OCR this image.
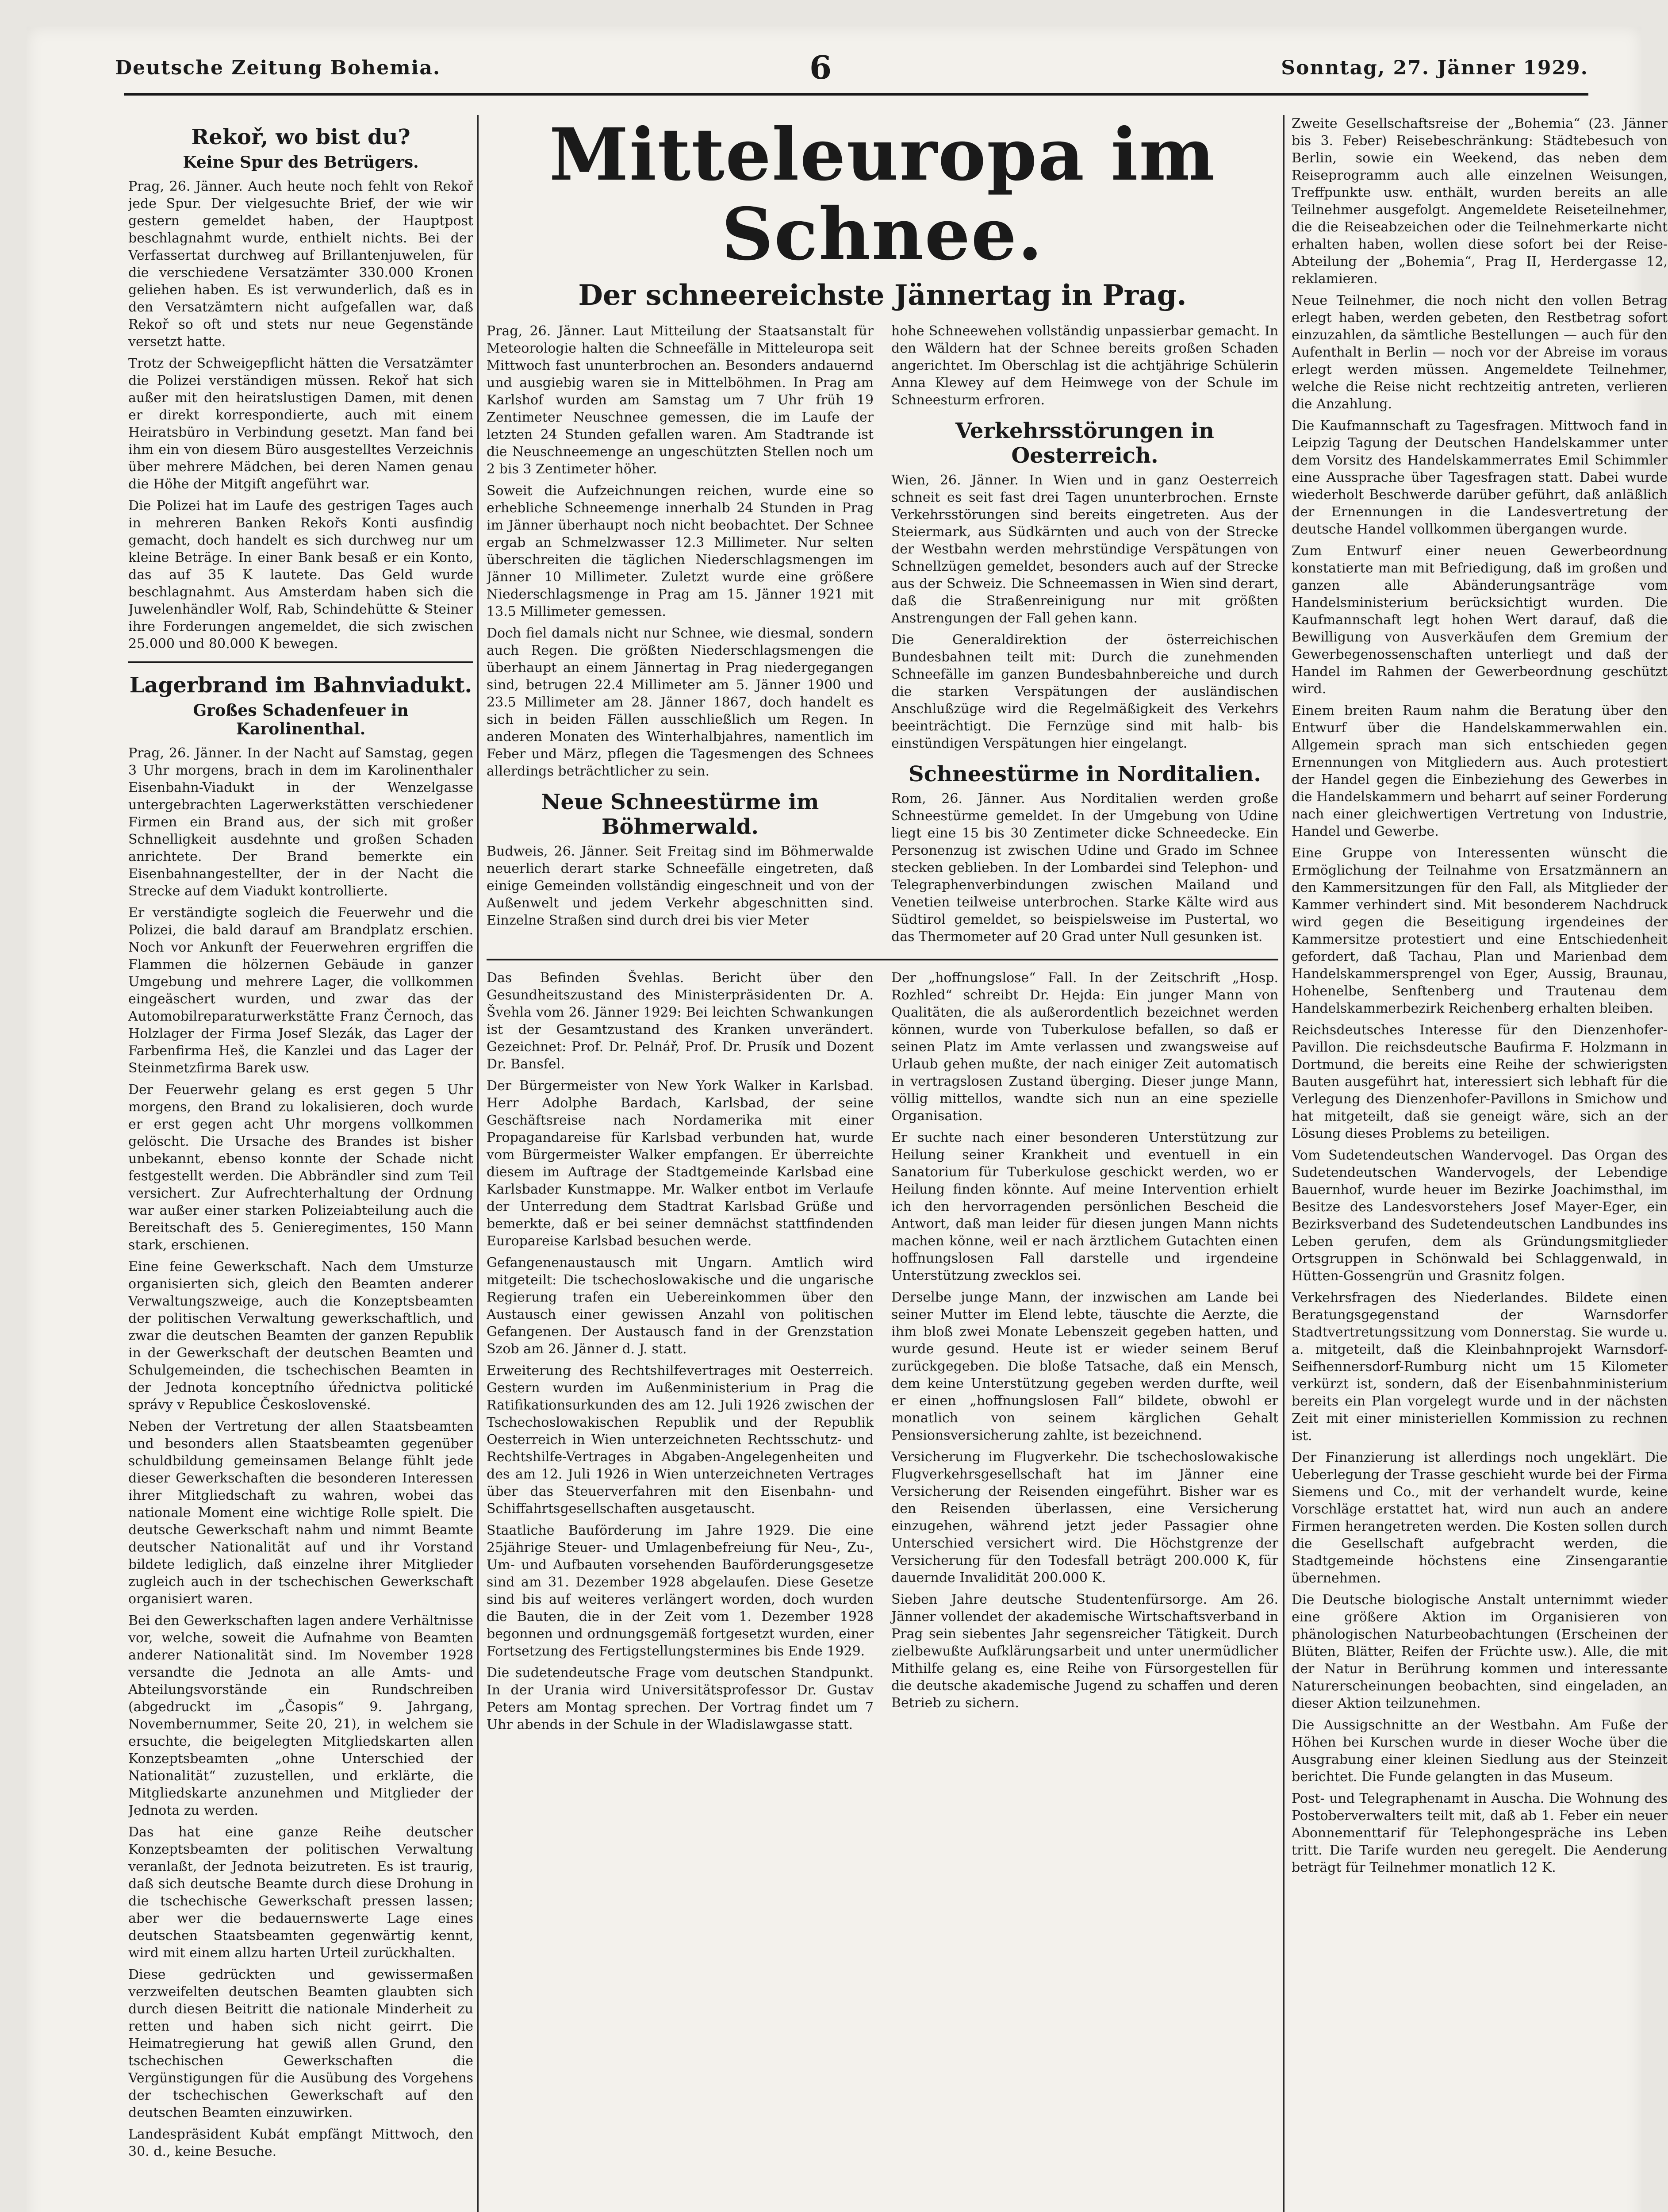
Deutsche Zeitung Bohemia.	6	Sonntag, 27. Jänner 1929.
Rekoř, wo bist du?
Keine Spur des Betrügers.

Prag, 26. Jänner. Auch heute noch fehlt von Rekoř jede Spur. Der vielgesuchte Brief, der wie wir gestern gemeldet haben, der Hauptpost beschlagnahmt wurde, enthielt nichts. Bei der Verfassertat durchweg auf Brillantenjuwelen, für die verschiedene Versatzämter 330.000 Kronen geliehen haben. Es ist verwunderlich, daß es in den Versatzämtern nicht aufgefallen war, daß Rekoř so oft und stets nur neue Gegenstände versetzt hatte.

Trotz der Schweigepflicht hätten die Versatzämter die Polizei verständigen müssen. Rekoř hat sich außer mit den heiratslustigen Damen, mit denen er direkt korrespondierte, auch mit einem Heiratsbüro in Verbindung gesetzt. Man fand bei ihm ein von diesem Büro ausgestelltes Verzeichnis über mehrere Mädchen, bei deren Namen genau die Höhe der Mitgift angeführt war.

Die Polizei hat im Laufe des gestrigen Tages auch in mehreren Banken Rekořs Konti ausfindig gemacht, doch handelt es sich durchweg nur um kleine Beträge. In einer Bank besaß er ein Konto, das auf 35 K lautete. Das Geld wurde beschlagnahmt. Aus Amsterdam haben sich die Juwelenhändler Wolf, Rab, Schindehütte & Steiner ihre Forderungen angemeldet, die sich zwischen 25.000 und 80.000 K bewegen.

Lagerbrand im Bahnviadukt.
Großes Schadenfeuer in Karolinenthal.

Prag, 26. Jänner. In der Nacht auf Samstag, gegen 3 Uhr morgens, brach in dem im Karolinenthaler Eisenbahn-Viadukt in der Wenzelgasse untergebrachten Lagerwerkstätten verschiedener Firmen ein Brand aus, der sich mit großer Schnelligkeit ausdehnte und großen Schaden anrichtete. Der Brand bemerkte ein Eisenbahnangestellter, der in der Nacht die Strecke auf dem Viadukt kontrollierte.

Er verständigte sogleich die Feuerwehr und die Polizei, die bald darauf am Brandplatz erschien. Noch vor Ankunft der Feuerwehren ergriffen die Flammen die hölzernen Gebäude in ganzer Umgebung und mehrere Lager, die vollkommen eingeäschert wurden, und zwar das der Automobilreparaturwerkstätte Franz Černoch, das Holzlager der Firma Josef Slezák, das Lager der Farbenfirma Heš, die Kanzlei und das Lager der Steinmetzfirma Barek usw.

Der Feuerwehr gelang es erst gegen 5 Uhr morgens, den Brand zu lokalisieren, doch wurde er erst gegen acht Uhr morgens vollkommen gelöscht. Die Ursache des Brandes ist bisher unbekannt, ebenso konnte der Schade nicht festgestellt werden. Die Abbrändler sind zum Teil versichert. Zur Aufrechterhaltung der Ordnung war außer einer starken Polizeiabteilung auch die Bereitschaft des 5. Genieregimentes, 150 Mann stark, erschienen.

Eine feine Gewerkschaft. Nach dem Umsturze organisierten sich, gleich den Beamten anderer Verwaltungszweige, auch die Konzeptsbeamten der politischen Verwaltung gewerkschaftlich, und zwar die deutschen Beamten der ganzen Republik in der Gewerkschaft der deutschen Beamten und Schulgemeinden, die tschechischen Beamten in der Jednota konceptního úřednictva politické správy v Republice Československé.

Neben der Vertretung der allen Staatsbeamten und besonders allen Staatsbeamten gegenüber schuldbildung gemeinsamen Belange fühlt jede dieser Gewerkschaften die besonderen Interessen ihrer Mitgliedschaft zu wahren, wobei das nationale Moment eine wichtige Rolle spielt. Die deutsche Gewerkschaft nahm und nimmt Beamte deutscher Nationalität auf und ihr Vorstand bildete lediglich, daß einzelne ihrer Mitglieder zugleich auch in der tschechischen Gewerkschaft organisiert waren.

Bei den Gewerkschaften lagen andere Verhältnisse vor, welche, soweit die Aufnahme von Beamten anderer Nationalität sind. Im November 1928 versandte die Jednota an alle Amts- und Abteilungsvorstände ein Rundschreiben (abgedruckt im „Časopis“ 9. Jahrgang, Novembernummer, Seite 20, 21), in welchem sie ersuchte, die beigelegten Mitgliedskarten allen Konzeptsbeamten „ohne Unterschied der Nationalität“ zuzustellen, und erklärte, die Mitgliedskarte anzunehmen und Mitglieder der Jednota zu werden.

Das hat eine ganze Reihe deutscher Konzeptsbeamten der politischen Verwaltung veranlaßt, der Jednota beizutreten. Es ist traurig, daß sich deutsche Beamte durch diese Drohung in die tschechische Gewerkschaft pressen lassen; aber wer die bedauernswerte Lage eines deutschen Staatsbeamten gegenwärtig kennt, wird mit einem allzu harten Urteil zurückhalten.

Diese gedrückten und gewissermaßen verzweifelten deutschen Beamten glaubten sich durch diesen Beitritt die nationale Minderheit zu retten und haben sich nicht geirrt. Die Heimatregierung hat gewiß allen Grund, den tschechischen Gewerkschaften die Vergünstigungen für die Ausübung des Vorgehens der tschechischen Gewerkschaft auf den deutschen Beamten einzuwirken.

Landespräsident Kubát empfängt Mittwoch, den 30. d., keine Besuche.

Mitteleuropa im Schnee.
Der schneereichste Jännertag in Prag.

Prag, 26. Jänner. Laut Mitteilung der Staatsanstalt für Meteorologie halten die Schneefälle in Mitteleuropa seit Mittwoch fast ununterbrochen an. Besonders andauernd und ausgiebig waren sie in Mittelböhmen. In Prag am Karlshof wurden am Samstag um 7 Uhr früh 19 Zentimeter Neuschnee gemessen, die im Laufe der letzten 24 Stunden gefallen waren. Am Stadtrande ist die Neuschneemenge an ungeschützten Stellen noch um 2 bis 3 Zentimeter höher.

Soweit die Aufzeichnungen reichen, wurde eine so erhebliche Schneemenge innerhalb 24 Stunden in Prag im Jänner überhaupt noch nicht beobachtet. Der Schnee ergab an Schmelzwasser 12.3 Millimeter. Nur selten überschreiten die täglichen Niederschlagsmengen im Jänner 10 Millimeter. Zuletzt wurde eine größere Niederschlagsmenge in Prag am 15. Jänner 1921 mit 13.5 Millimeter gemessen.

Doch fiel damals nicht nur Schnee, wie diesmal, sondern auch Regen. Die größten Niederschlagsmengen die überhaupt an einem Jännertag in Prag niedergegangen sind, betrugen 22.4 Millimeter am 5. Jänner 1900 und 23.5 Millimeter am 28. Jänner 1867, doch handelt es sich in beiden Fällen ausschließlich um Regen. In anderen Monaten des Winterhalbjahres, namentlich im Feber und März, pflegen die Tagesmengen des Schnees allerdings beträchtlicher zu sein.

Neue Schneestürme im Böhmerwald.

Budweis, 26. Jänner. Seit Freitag sind im Böhmerwalde neuerlich derart starke Schneefälle eingetreten, daß einige Gemeinden vollständig eingeschneit und von der Außenwelt und jedem Verkehr abgeschnitten sind. Einzelne Straßen sind durch drei bis vier Meter

hohe Schneewehen vollständig unpassierbar gemacht. In den Wäldern hat der Schnee bereits großen Schaden angerichtet. Im Oberschlag ist die achtjährige Schülerin Anna Klewey auf dem Heimwege von der Schule im Schneesturm erfroren.

Verkehrsstörungen in Oesterreich.

Wien, 26. Jänner. In Wien und in ganz Oesterreich schneit es seit fast drei Tagen ununterbrochen. Ernste Verkehrsstörungen sind bereits eingetreten. Aus der Steiermark, aus Südkärnten und auch von der Strecke der Westbahn werden mehrstündige Verspätungen von Schnellzügen gemeldet, besonders auch auf der Strecke aus der Schweiz. Die Schneemassen in Wien sind derart, daß die Straßenreinigung nur mit größten Anstrengungen der Fall gehen kann.

Die Generaldirektion der österreichischen Bundesbahnen teilt mit: Durch die zunehmenden Schneefälle im ganzen Bundesbahnbereiche und durch die starken Verspätungen der ausländischen Anschlußzüge wird die Regelmäßigkeit des Verkehrs beeinträchtigt. Die Fernzüge sind mit halb- bis einstündigen Verspätungen hier eingelangt.

Schneestürme in Norditalien.

Rom, 26. Jänner. Aus Norditalien werden große Schneestürme gemeldet. In der Umgebung von Udine liegt eine 15 bis 30 Zentimeter dicke Schneedecke. Ein Personenzug ist zwischen Udine und Grado im Schnee stecken geblieben. In der Lombardei sind Telephon- und Telegraphenverbindungen zwischen Mailand und Venetien teilweise unterbrochen. Starke Kälte wird aus Südtirol gemeldet, so beispielsweise im Pustertal, wo das Thermometer auf 20 Grad unter Null gesunken ist.

Das Befinden Švehlas. Bericht über den Gesundheitszustand des Ministerpräsidenten Dr. A. Švehla vom 26. Jänner 1929: Bei leichten Schwankungen ist der Gesamtzustand des Kranken unverändert. Gezeichnet: Prof. Dr. Pelnář, Prof. Dr. Prusík und Dozent Dr. Bansfel.

Der Bürgermeister von New York Walker in Karlsbad. Herr Adolphe Bardach, Karlsbad, der seine Geschäftsreise nach Nordamerika mit einer Propagandareise für Karlsbad verbunden hat, wurde vom Bürgermeister Walker empfangen. Er überreichte diesem im Auftrage der Stadtgemeinde Karlsbad eine Karlsbader Kunstmappe. Mr. Walker entbot im Verlaufe der Unterredung dem Stadtrat Karlsbad Grüße und bemerkte, daß er bei seiner demnächst stattfindenden Europareise Karlsbad besuchen werde.

Gefangenenaustausch mit Ungarn. Amtlich wird mitgeteilt: Die tschechoslowakische und die ungarische Regierung trafen ein Uebereinkommen über den Austausch einer gewissen Anzahl von politischen Gefangenen. Der Austausch fand in der Grenzstation Szob am 26. Jänner d. J. statt.

Erweiterung des Rechtshilfevertrages mit Oesterreich. Gestern wurden im Außenministerium in Prag die Ratifikationsurkunden des am 12. Juli 1926 zwischen der Tschechoslowakischen Republik und der Republik Oesterreich in Wien unterzeichneten Rechtsschutz- und Rechtshilfe-Vertrages in Abgaben-Angelegenheiten und des am 12. Juli 1926 in Wien unterzeichneten Vertrages über das Steuerverfahren mit den Eisenbahn- und Schiffahrtsgesellschaften ausgetauscht.

Staatliche Bauförderung im Jahre 1929. Die eine 25jährige Steuer- und Umlagenbefreiung für Neu-, Zu-, Um- und Aufbauten vorsehenden Bauförderungsgesetze sind am 31. Dezember 1928 abgelaufen. Diese Gesetze sind bis auf weiteres verlängert worden, doch wurden die Bauten, die in der Zeit vom 1. Dezember 1928 begonnen und ordnungsgemäß fortgesetzt wurden, einer Fortsetzung des Fertigstellungstermines bis Ende 1929.

Die sudetendeutsche Frage vom deutschen Standpunkt. In der Urania wird Universitätsprofessor Dr. Gustav Peters am Montag sprechen. Der Vortrag findet um 7 Uhr abends in der Schule in der Wladislawgasse statt.

Der „hoffnungslose“ Fall. In der Zeitschrift „Hosp. Rozhled“ schreibt Dr. Hejda: Ein junger Mann von Qualitäten, die als außerordentlich bezeichnet werden können, wurde von Tuberkulose befallen, so daß er seinen Platz im Amte verlassen und zwangsweise auf Urlaub gehen mußte, der nach einiger Zeit automatisch in vertragslosen Zustand überging. Dieser junge Mann, völlig mittellos, wandte sich nun an eine spezielle Organisation.

Er suchte nach einer besonderen Unterstützung zur Heilung seiner Krankheit und eventuell in ein Sanatorium für Tuberkulose geschickt werden, wo er Heilung finden könnte. Auf meine Intervention erhielt ich den hervorragenden persönlichen Bescheid die Antwort, daß man leider für diesen jungen Mann nichts machen könne, weil er nach ärztlichem Gutachten einen hoffnungslosen Fall darstelle und irgendeine Unterstützung zwecklos sei.

Derselbe junge Mann, der inzwischen am Lande bei seiner Mutter im Elend lebte, täuschte die Aerzte, die ihm bloß zwei Monate Lebenszeit gegeben hatten, und wurde gesund. Heute ist er wieder seinem Beruf zurückgegeben. Die bloße Tatsache, daß ein Mensch, dem keine Unterstützung gegeben werden durfte, weil er einen „hoffnungslosen Fall“ bildete, obwohl er monatlich von seinem kärglichen Gehalt Pensionsversicherung zahlte, ist bezeichnend.

Versicherung im Flugverkehr. Die tschechoslowakische Flugverkehrsgesellschaft hat im Jänner eine Versicherung der Reisenden eingeführt. Bisher war es den Reisenden überlassen, eine Versicherung einzugehen, während jetzt jeder Passagier ohne Unterschied versichert wird. Die Höchstgrenze der Versicherung für den Todesfall beträgt 200.000 K, für dauernde Invalidität 200.000 K.

Sieben Jahre deutsche Studentenfürsorge. Am 26. Jänner vollendet der akademische Wirtschaftsverband in Prag sein siebentes Jahr segensreicher Tätigkeit. Durch zielbewußte Aufklärungsarbeit und unter unermüdlicher Mithilfe gelang es, eine Reihe von Fürsorgestellen für die deutsche akademische Jugend zu schaffen und deren Betrieb zu sichern.

Zweite Gesellschaftsreise der „Bohemia“ (23. Jänner bis 3. Feber) Reisebeschränkung: Städtebesuch von Berlin, sowie ein Weekend, das neben dem Reiseprogramm auch alle einzelnen Weisungen, Treffpunkte usw. enthält, wurden bereits an alle Teilnehmer ausgefolgt. Angemeldete Reiseteilnehmer, die die Reiseabzeichen oder die Teilnehmerkarte nicht erhalten haben, wollen diese sofort bei der Reise-Abteilung der „Bohemia“, Prag II, Herdergasse 12, reklamieren.

Neue Teilnehmer, die noch nicht den vollen Betrag erlegt haben, werden gebeten, den Restbetrag sofort einzuzahlen, da sämtliche Bestellungen — auch für den Aufenthalt in Berlin — noch vor der Abreise im voraus erlegt werden müssen. Angemeldete Teilnehmer, welche die Reise nicht rechtzeitig antreten, verlieren die Anzahlung.

Die Kaufmannschaft zu Tagesfragen. Mittwoch fand in Leipzig Tagung der Deutschen Handelskammer unter dem Vorsitz des Handelskammerrates Emil Schimmler eine Aussprache über Tagesfragen statt. Dabei wurde wiederholt Beschwerde darüber geführt, daß anläßlich der Ernennungen in die Landesvertretung der deutsche Handel vollkommen übergangen wurde.

Zum Entwurf einer neuen Gewerbeordnung konstatierte man mit Befriedigung, daß im großen und ganzen alle Abänderungsanträge vom Handelsministerium berücksichtigt wurden. Die Kaufmannschaft legt hohen Wert darauf, daß die Bewilligung von Ausverkäufen dem Gremium der Gewerbegenossenschaften unterliegt und daß der Handel im Rahmen der Gewerbeordnung geschützt wird.

Einem breiten Raum nahm die Beratung über den Entwurf über die Handelskammerwahlen ein. Allgemein sprach man sich entschieden gegen Ernennungen von Mitgliedern aus. Auch protestiert der Handel gegen die Einbeziehung des Gewerbes in die Handelskammern und beharrt auf seiner Forderung nach einer gleichwertigen Vertretung von Industrie, Handel und Gewerbe.

Eine Gruppe von Interessenten wünscht die Ermöglichung der Teilnahme von Ersatzmännern an den Kammersitzungen für den Fall, als Mitglieder der Kammer verhindert sind. Mit besonderem Nachdruck wird gegen die Beseitigung irgendeines der Kammersitze protestiert und eine Entschiedenheit gefordert, daß Tachau, Plan und Marienbad dem Handelskammersprengel von Eger, Aussig, Braunau, Hohenelbe, Senftenberg und Trautenau dem Handelskammerbezirk Reichenberg erhalten bleiben.

Reichsdeutsches Interesse für den Dienzenhofer-Pavillon. Die reichsdeutsche Baufirma F. Holzmann in Dortmund, die bereits eine Reihe der schwierigsten Bauten ausgeführt hat, interessiert sich lebhaft für die Verlegung des Dienzenhofer-Pavillons in Smichow und hat mitgeteilt, daß sie geneigt wäre, sich an der Lösung dieses Problems zu beteiligen.

Vom Sudetendeutschen Wandervogel. Das Organ des Sudetendeutschen Wandervogels, der Lebendige Bauernhof, wurde heuer im Bezirke Joachimsthal, im Besitze des Landesvorstehers Josef Mayer-Eger, ein Bezirksverband des Sudetendeutschen Landbundes ins Leben gerufen, dem als Gründungsmitglieder Ortsgruppen in Schönwald bei Schlaggenwald, in Hütten-Gossengrün und Grasnitz folgen.

Verkehrsfragen des Niederlandes. Bildete einen Beratungsgegenstand der Warnsdorfer Stadtvertretungssitzung vom Donnerstag. Sie wurde u. a. mitgeteilt, daß die Kleinbahnprojekt Warnsdorf-Seifhennersdorf-Rumburg nicht um 15 Kilometer verkürzt ist, sondern, daß der Eisenbahnministerium bereits ein Plan vorgelegt wurde und in der nächsten Zeit mit einer ministeriellen Kommission zu rechnen ist.

Der Finanzierung ist allerdings noch ungeklärt. Die Ueberlegung der Trasse geschieht wurde bei der Firma Siemens und Co., mit der verhandelt wurde, keine Vorschläge erstattet hat, wird nun auch an andere Firmen herangetreten werden. Die Kosten sollen durch die Gesellschaft aufgebracht werden, die Stadtgemeinde höchstens eine Zinsengarantie übernehmen.

Die Deutsche biologische Anstalt unternimmt wieder eine größere Aktion im Organisieren von phänologischen Naturbeobachtungen (Erscheinen der Blüten, Blätter, Reifen der Früchte usw.). Alle, die mit der Natur in Berührung kommen und interessante Naturerscheinungen beobachten, sind eingeladen, an dieser Aktion teilzunehmen.

Die Aussigschnitte an der Westbahn. Am Fuße der Höhen bei Kurschen wurde in dieser Woche über die Ausgrabung einer kleinen Siedlung aus der Steinzeit berichtet. Die Funde gelangten in das Museum.

Post- und Telegraphenamt in Auscha. Die Wohnung des Postoberverwalters teilt mit, daß ab 1. Feber ein neuer Abonnementtarif für Telephongespräche ins Leben tritt. Die Tarife wurden neu geregelt. Die Aenderung beträgt für Teilnehmer monatlich 12 K.
